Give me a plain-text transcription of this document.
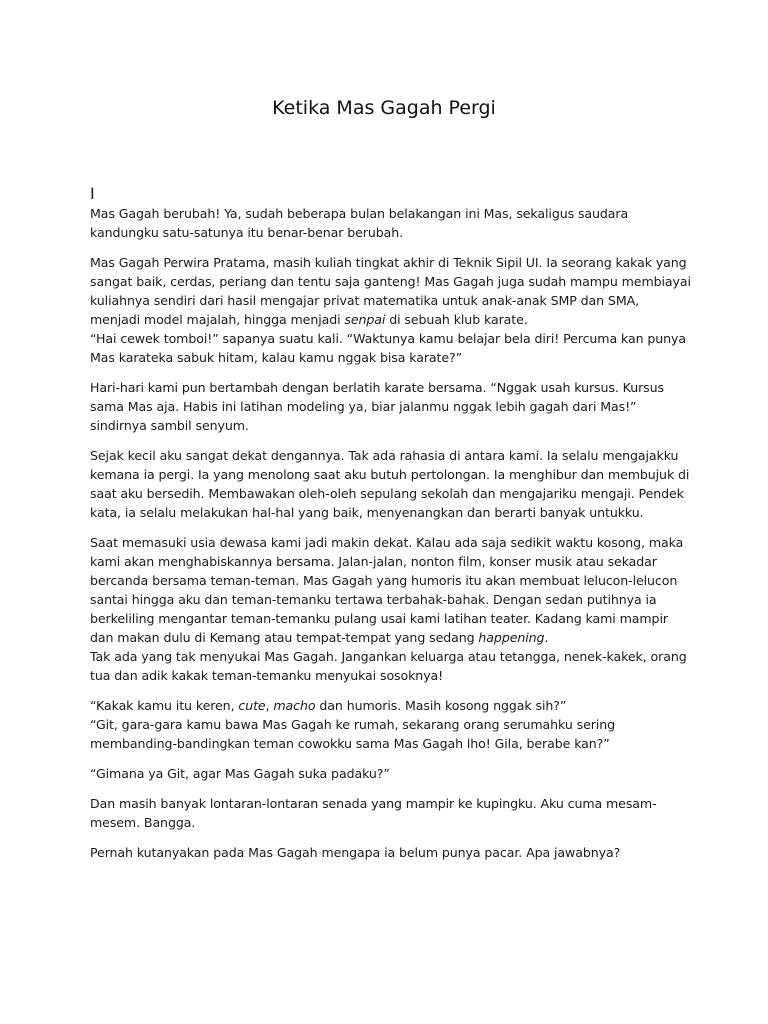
Ketika Mas Gagah Pergi

I

Mas Gagah berubah! Ya, sudah beberapa bulan belakangan ini Mas, sekaligus saudara
kandungku satu-satunya itu benar-benar berubah.

Mas Gagah Perwira Pratama, masih kuliah tingkat akhir di Teknik Sipil UI. Ia seorang kakak yang
sangat baik, cerdas, periang dan tentu saja ganteng! Mas Gagah juga sudah mampu membiayai
kuliahnya sendiri dari hasil mengajar privat matematika untuk anak-anak SMP dan SMA,
menjadi model majalah, hingga menjadi senpai di sebuah klub karate.
“Hai cewek tomboi!” sapanya suatu kali. “Waktunya kamu belajar bela diri! Percuma kan punya
Mas karateka sabuk hitam, kalau kamu nggak bisa karate?”

Hari-hari kami pun bertambah dengan berlatih karate bersama. “Nggak usah kursus. Kursus
sama Mas aja. Habis ini latihan modeling ya, biar jalanmu nggak lebih gagah dari Mas!”
sindirnya sambil senyum.

Sejak kecil aku sangat dekat dengannya. Tak ada rahasia di antara kami. Ia selalu mengajakku
kemana ia pergi. Ia yang menolong saat aku butuh pertolongan. Ia menghibur dan membujuk di
saat aku bersedih. Membawakan oleh-oleh sepulang sekolah dan mengajariku mengaji. Pendek
kata, ia selalu melakukan hal-hal yang baik, menyenangkan dan berarti banyak untukku.

Saat memasuki usia dewasa kami jadi makin dekat. Kalau ada saja sedikit waktu kosong, maka
kami akan menghabiskannya bersama. Jalan-jalan, nonton film, konser musik atau sekadar
bercanda bersama teman-teman. Mas Gagah yang humoris itu akan membuat lelucon-lelucon
santai hingga aku dan teman-temanku tertawa terbahak-bahak. Dengan sedan putihnya ia
berkeliling mengantar teman-temanku pulang usai kami latihan teater. Kadang kami mampir
dan makan dulu di Kemang atau tempat-tempat yang sedang happening.
Tak ada yang tak menyukai Mas Gagah. Jangankan keluarga atau tetangga, nenek-kakek, orang
tua dan adik kakak teman-temanku menyukai sosoknya!

“Kakak kamu itu keren, cute, macho dan humoris. Masih kosong nggak sih?”
“Git, gara-gara kamu bawa Mas Gagah ke rumah, sekarang orang serumahku sering
membanding-bandingkan teman cowokku sama Mas Gagah lho! Gila, berabe kan?”

“Gimana ya Git, agar Mas Gagah suka padaku?”

Dan masih banyak lontaran-lontaran senada yang mampir ke kupingku. Aku cuma mesam-
mesem. Bangga.

Pernah kutanyakan pada Mas Gagah mengapa ia belum punya pacar. Apa jawabnya?
